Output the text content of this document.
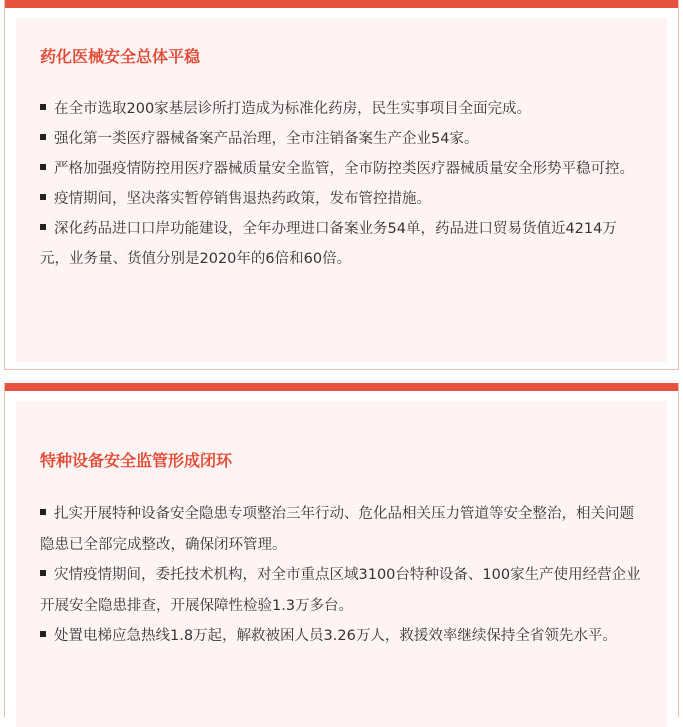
药化医械安全总体平稳

在全市选取200家基层诊所打造成为标准化药房，民生实事项目全面完成。

强化第一类医疗器械备案产品治理，全市注销备案生产企业54家。

严格加强疫情防控用医疗器械质量安全监管，全市防控类医疗器械质量安全形势平稳可控。

疫情期间，坚决落实暂停销售退热药政策，发布管控措施。

深化药品进口口岸功能建设，全年办理进口备案业务54单，药品进口贸易货值近4214万元，业务量、货值分别是2020年的6倍和60倍。

特种设备安全监管形成闭环

扎实开展特种设备安全隐患专项整治三年行动、危化品相关压力管道等安全整治，相关问题隐患已全部完成整改，确保闭环管理。

灾情疫情期间，委托技术机构，对全市重点区域3100台特种设备、100家生产使用经营企业开展安全隐患排查，开展保障性检验1.3万多台。

处置电梯应急热线1.8万起，解救被困人员3.26万人，救援效率继续保持全省领先水平。
